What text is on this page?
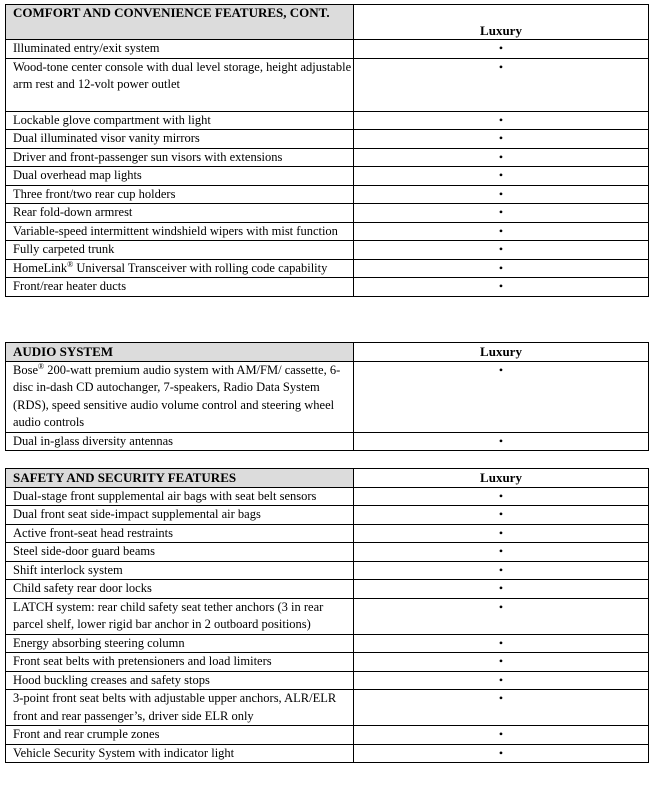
COMFORT AND CONVENIENCE FEATURES, CONT.	Luxury
Illuminated entry/exit system	•
Wood-tone center console with dual level storage, height adjustable arm rest and 12-volt power outlet	•
Lockable glove compartment with light	•
Dual illuminated visor vanity mirrors	•
Driver and front-passenger sun visors with extensions	•
Dual overhead map lights	•
Three front/two rear cup holders	•
Rear fold-down armrest	•
Variable-speed intermittent windshield wipers with mist function	•
Fully carpeted trunk	•
HomeLink® Universal Transceiver with rolling code capability	•
Front/rear heater ducts	•
AUDIO SYSTEM	Luxury
Bose® 200-watt premium audio system with AM/FM/ cassette, 6-disc in-dash CD autochanger, 7-speakers, Radio Data System (RDS), speed sensitive audio volume control and steering wheel audio controls	•
Dual in-glass diversity antennas	•
SAFETY AND SECURITY FEATURES	Luxury
Dual-stage front supplemental air bags with seat belt sensors	•
Dual front seat side-impact supplemental air bags	•
Active front-seat head restraints	•
Steel side-door guard beams	•
Shift interlock system	•
Child safety rear door locks	•
LATCH system: rear child safety seat tether anchors (3 in rear parcel shelf, lower rigid bar anchor in 2 outboard positions)	•
Energy absorbing steering column	•
Front seat belts with pretensioners and load limiters	•
Hood buckling creases and safety stops	•
3-point front seat belts with adjustable upper anchors, ALR/ELR front and rear passenger’s, driver side ELR only	•
Front and rear crumple zones	•
Vehicle Security System with indicator light	•
